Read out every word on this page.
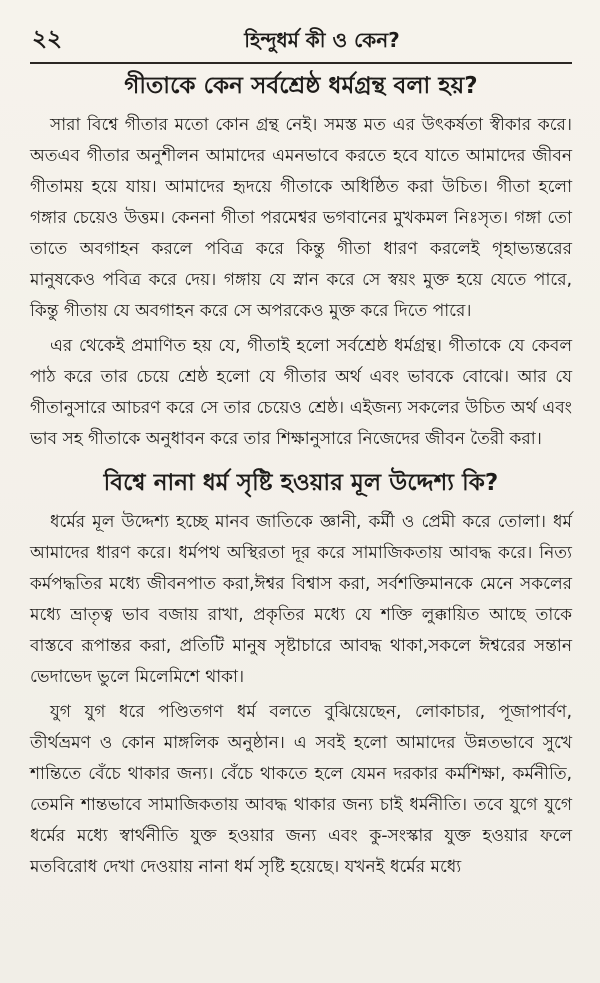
২২	হিন্দুধর্ম কী ও কেন?
গীতাকে কেন সর্বশ্রেষ্ঠ ধর্মগ্রন্থ বলা হয়?

সারা বিশ্বে গীতার মতো কোন গ্রন্থ নেই। সমস্ত মত এর উৎকর্ষতা স্বীকার করে। অতএব গীতার অনুশীলন আমাদের এমনভাবে করতে হবে যাতে আমাদের জীবন গীতাময় হয়ে যায়। আমাদের হৃদয়ে গীতাকে অধিষ্ঠিত করা উচিত। গীতা হলো গঙ্গার চেয়েও উত্তম। কেননা গীতা পরমেশ্বর ভগবানের মুখকমল নিঃসৃত। গঙ্গা তো তাতে অবগাহন করলে পবিত্র করে কিন্তু গীতা ধারণ করলেই গৃহাভ্যন্তরের মানুষকেও পবিত্র করে দেয়। গঙ্গায় যে স্নান করে সে স্বয়ং মুক্ত হয়ে যেতে পারে, কিন্তু গীতায় যে অবগাহন করে সে অপরকেও মুক্ত করে দিতে পারে।

এর থেকেই প্রমাণিত হয় যে, গীতাই হলো সর্বশ্রেষ্ঠ ধর্মগ্রন্থ। গীতাকে যে কেবল পাঠ করে তার চেয়ে শ্রেষ্ঠ হলো যে গীতার অর্থ এবং ভাবকে বোঝে। আর যে গীতানুসারে আচরণ করে সে তার চেয়েও শ্রেষ্ঠ। এইজন্য সকলের উচিত অর্থ এবং ভাব সহ গীতাকে অনুধাবন করে তার শিক্ষানুসারে নিজেদের জীবন তৈরী করা।

বিশ্বে নানা ধর্ম সৃষ্টি হওয়ার মূল উদ্দেশ্য কি?

ধর্মের মূল উদ্দেশ্য হচ্ছে মানব জাতিকে জ্ঞানী, কর্মী ও প্রেমী করে তোলা। ধর্ম আমাদের ধারণ করে। ধর্মপথ অস্থিরতা দূর করে সামাজিকতায় আবদ্ধ করে। নিত্য কর্মপদ্ধতির মধ্যে জীবনপাত করা,ঈশ্বর বিশ্বাস করা, সর্বশক্তিমানকে মেনে সকলের মধ্যে ভ্রাতৃত্ব ভাব বজায় রাখা, প্রকৃতির মধ্যে যে শক্তি লুক্কায়িত আছে তাকে বাস্তবে রূপান্তর করা, প্রতিটি মানুষ সৃষ্টাচারে আবদ্ধ থাকা,সকলে ঈশ্বরের সন্তান ভেদাভেদ ভুলে মিলেমিশে থাকা।

যুগ যুগ ধরে পণ্ডিতগণ ধর্ম বলতে বুঝিয়েছেন, লোকাচার, পূজাপার্বণ, তীর্থভ্রমণ ও কোন মাঙ্গলিক অনুষ্ঠান। এ সবই হলো আমাদের উন্নতভাবে সুখে শান্তিতে বেঁচে থাকার জন্য। বেঁচে থাকতে হলে যেমন দরকার কর্মশিক্ষা, কর্মনীতি, তেমনি শান্তভাবে সামাজিকতায় আবদ্ধ থাকার জন্য চাই ধর্মনীতি। তবে যুগে যুগে ধর্মের মধ্যে স্বার্থনীতি যুক্ত হওয়ার জন্য এবং কু-সংস্কার যুক্ত হওয়ার ফলে মতবিরোধ দেখা দেওয়ায় নানা ধর্ম সৃষ্টি হয়েছে। যখনই ধর্মের মধ্যে
